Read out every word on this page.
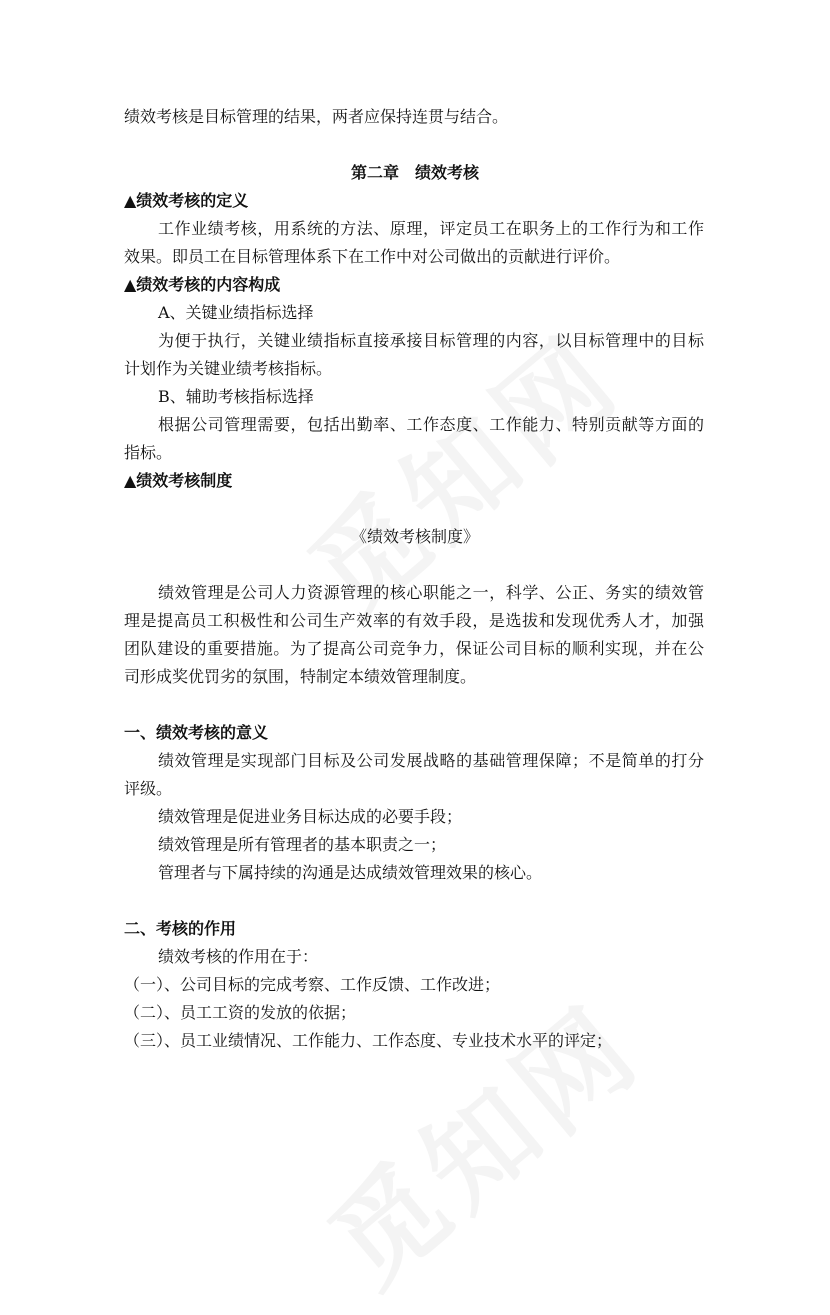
绩效考核是目标管理的结果，两者应保持连贯与结合。
第二章　绩效考核
▲绩效考核的定义
工作业绩考核，用系统的方法、原理，评定员工在职务上的工作行为和工作
效果。即员工在目标管理体系下在工作中对公司做出的贡献进行评价。
▲绩效考核的内容构成
A、关键业绩指标选择
为便于执行，关键业绩指标直接承接目标管理的内容，以目标管理中的目标
计划作为关键业绩考核指标。
B、辅助考核指标选择
根据公司管理需要，包括出勤率、工作态度、工作能力、特别贡献等方面的
指标。
▲绩效考核制度
《绩效考核制度》
绩效管理是公司人力资源管理的核心职能之一，科学、公正、务实的绩效管
理是提高员工积极性和公司生产效率的有效手段，是选拔和发现优秀人才，加强
团队建设的重要措施。为了提高公司竞争力，保证公司目标的顺利实现，并在公
司形成奖优罚劣的氛围，特制定本绩效管理制度。
一、绩效考核的意义
绩效管理是实现部门目标及公司发展战略的基础管理保障；不是简单的打分
评级。
绩效管理是促进业务目标达成的必要手段；
绩效管理是所有管理者的基本职责之一；
管理者与下属持续的沟通是达成绩效管理效果的核心。
二、考核的作用
绩效考核的作用在于：
（一）、公司目标的完成考察、工作反馈、工作改进；
（二）、员工工资的发放的依据；
（三）、员工业绩情况、工作能力、工作态度、专业技术水平的评定；
